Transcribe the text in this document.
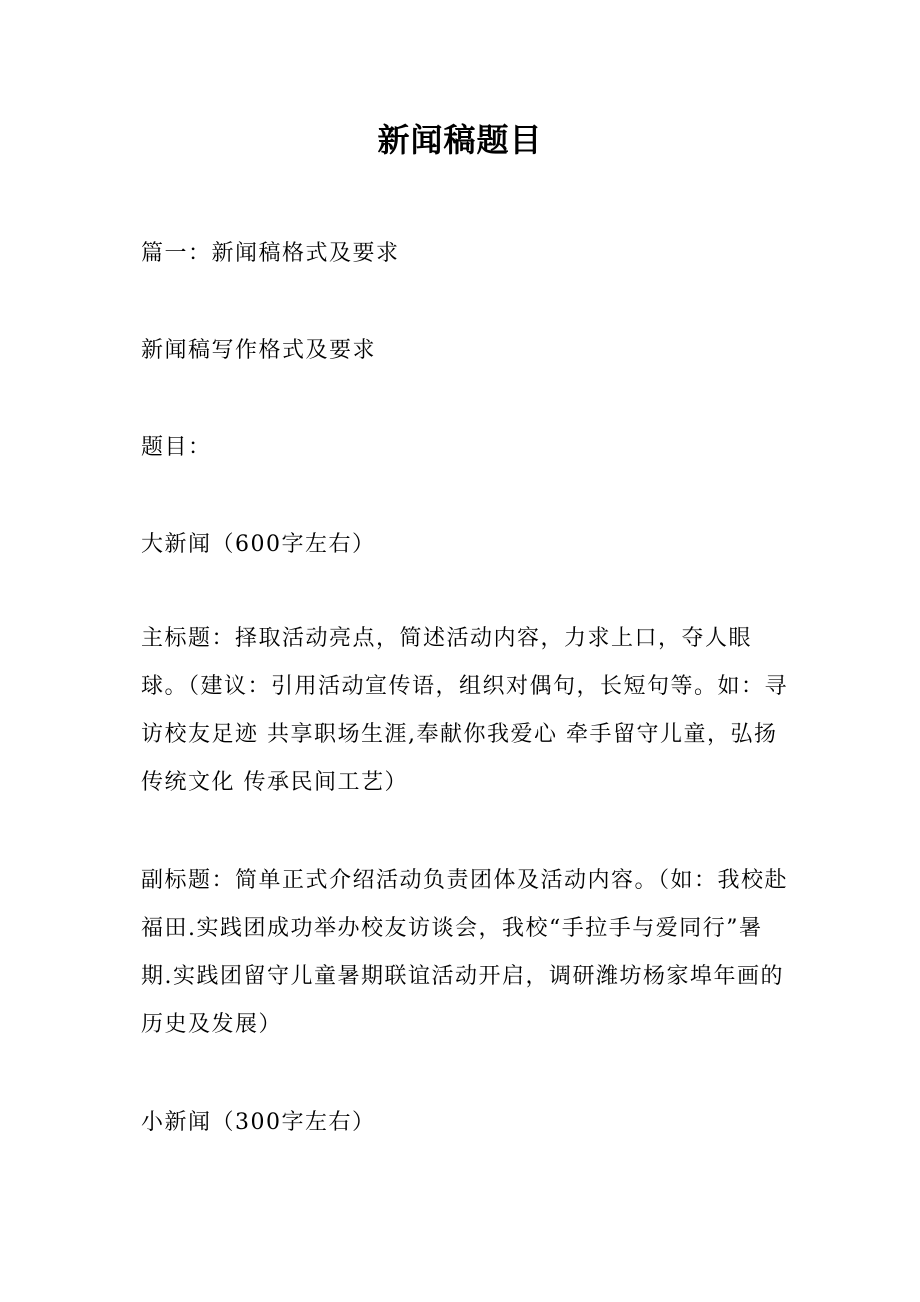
新闻稿题目

篇一：新闻稿格式及要求

新闻稿写作格式及要求

题目：

大新闻（600字左右）

主标题：择取活动亮点，简述活动内容，力求上口，夺人眼球。（建议：引用活动宣传语，组织对偶句，长短句等。如：寻访校友足迹 共享职场生涯,奉献你我爱心 牵手留守儿童，弘扬传统文化 传承民间工艺）

副标题：简单正式介绍活动负责团体及活动内容。（如：我校赴福田.实践团成功举办校友访谈会，我校“手拉手与爱同行”暑期.实践团留守儿童暑期联谊活动开启，调研潍坊杨家埠年画的历史及发展）

小新闻（300字左右）
